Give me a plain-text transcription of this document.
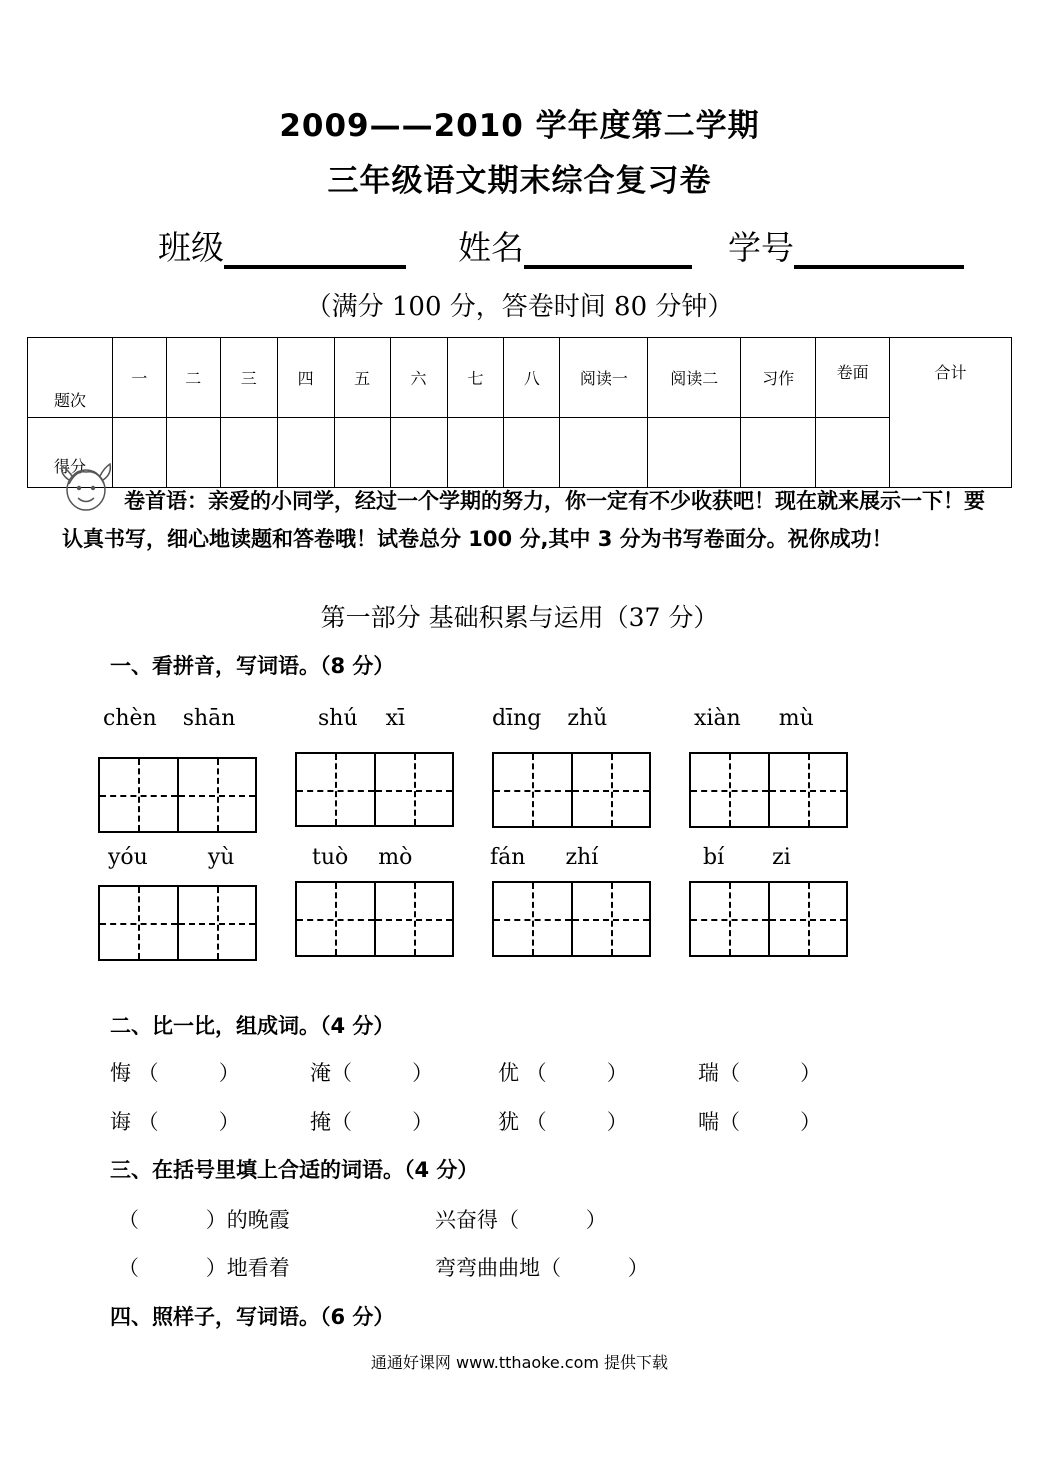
2009——2010 学年度第二学期
三年级语文期末综合复习卷
班级	姓名	学号
（满分 100 分，答卷时间 80 分钟）
题次	一	二	三	四	五	六	七	八	阅读一	阅读二	习作	卷面	合计
得分													
卷首语：亲爱的小同学，经过一个学期的努力，你一定有不少收获吧！现在就来展示一下！要认真书写，细心地读题和答卷哦！试卷总分 100 分,其中 3 分为书写卷面分。祝你成功！
第一部分 基础积累与运用（37 分）
一、看拼音，写词语。（8 分）
chèn shān	shú xī	dīng zhǔ	xiàn mù
yóu	yù	tuò mò	fán zhí	bí zi
二、比一比，组成词。（4 分）
悔 （         ）	淹（         ）	优 （         ）	瑞（         ）
诲 （         ）	掩（         ）	犹 （         ）	喘（         ）
三、在括号里填上合适的词语。（4 分）
（          ）的晚霞	兴奋得（          ）
（          ）地看着	弯弯曲曲地（          ）
四、照样子，写词语。（6 分）
通通好课网 www.tthaoke.com 提供下载
